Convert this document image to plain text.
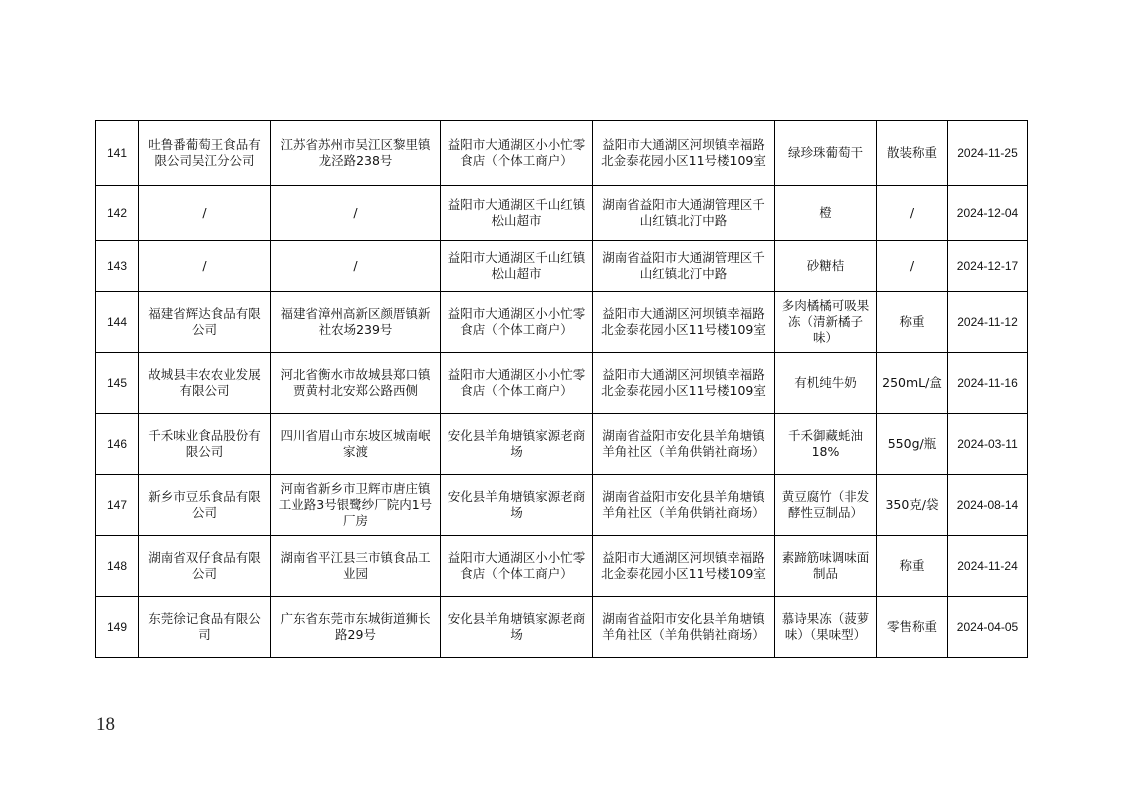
141	吐鲁番葡萄王食品有限公司吴江分公司	江苏省苏州市吴江区黎里镇龙泾路238号	益阳市大通湖区小小忙零食店（个体工商户）	益阳市大通湖区河坝镇幸福路北金泰花园小区11号楼109室	绿珍珠葡萄干	散装称重	2024-11-25
142	/	/	益阳市大通湖区千山红镇松山超市	湖南省益阳市大通湖管理区千山红镇北汀中路	橙	/	2024-12-04
143	/	/	益阳市大通湖区千山红镇松山超市	湖南省益阳市大通湖管理区千山红镇北汀中路	砂糖桔	/	2024-12-17
144	福建省辉达食品有限公司	福建省漳州高新区颜厝镇新社农场239号	益阳市大通湖区小小忙零食店（个体工商户）	益阳市大通湖区河坝镇幸福路北金泰花园小区11号楼109室	多肉橘橘可吸果冻（清新橘子味）	称重	2024-11-12
145	故城县丰农农业发展有限公司	河北省衡水市故城县郑口镇贾黄村北安郑公路西侧	益阳市大通湖区小小忙零食店（个体工商户）	益阳市大通湖区河坝镇幸福路北金泰花园小区11号楼109室	有机纯牛奶	250mL/盒	2024-11-16
146	千禾味业食品股份有限公司	四川省眉山市东坡区城南岷家渡	安化县羊角塘镇家源老商场	湖南省益阳市安化县羊角塘镇羊角社区（羊角供销社商场）	千禾御藏蚝油18%	550g/瓶	2024-03-11
147	新乡市豆乐食品有限公司	河南省新乡市卫辉市唐庄镇工业路3号银鹭纱厂院内1号厂房	安化县羊角塘镇家源老商场	湖南省益阳市安化县羊角塘镇羊角社区（羊角供销社商场）	黄豆腐竹（非发酵性豆制品）	350克/袋	2024-08-14
148	湖南省双仔食品有限公司	湖南省平江县三市镇食品工业园	益阳市大通湖区小小忙零食店（个体工商户）	益阳市大通湖区河坝镇幸福路北金泰花园小区11号楼109室	素蹄筋味调味面制品	称重	2024-11-24
149	东莞徐记食品有限公司	广东省东莞市东城街道狮长路29号	安化县羊角塘镇家源老商场	湖南省益阳市安化县羊角塘镇羊角社区（羊角供销社商场）	慕诗果冻（菠萝味）（果味型）	零售称重	2024-04-05
18
